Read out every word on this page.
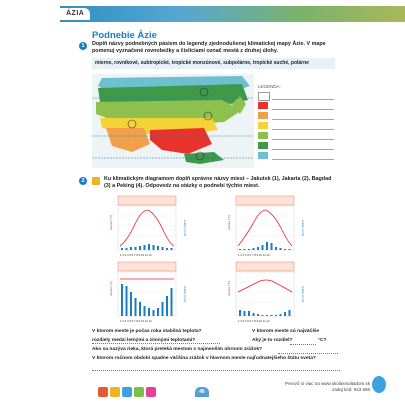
ÁZIA
Podnebie Ázie
1	Doplň názvy podnebných pásiem do legendy zjednodušenej klimatickej mapy Ázie. V mape pomenuj vyznačené rovnobežky a čísliciami označ mestá z druhej úlohy.
mierne, rovníkové, subtropické, tropické monzúnové, subpolárne, tropické suché, polárne
LEGENDA:
2	Ku klimatickým diagramom doplň správne názvy miest – Jakutsk (1), Jakarta (2), Bagdad (3) a Peking (4). Odpovedz na otázky o podnebí týchto miest.
teplota [°C]	zrážky [mm]
1 2 3 4 5 6 7 8 9 10 11 12
teplota [°C]	zrážky [mm]
1 2 3 4 5 6 7 8 9 10 11 12
teplota [°C]	zrážky [mm]
1 2 3 4 5 6 7 8 9 10 11 12
teplota [°C]	zrážky [mm]
1 2 3 4 5 6 7 8 9 10 11 12
V ktorom meste je počas roka stabilná teplota?	V ktorom meste sú najväčšie
rozdiely medzi letnými a zimnými teplotami?	Aký je to rozdiel?	°C?
Ako sa nazýva rieka, ktorá preteká mestom s najmenším úhrnom zrážok?
V ktorom ročnom období spadne väčšina zrážok v hlavnom meste najľudnatejšieho štátu sveta?
46
Precvič si viac na www.skolasmaltadom.sk
zadaj kód: 943 656
